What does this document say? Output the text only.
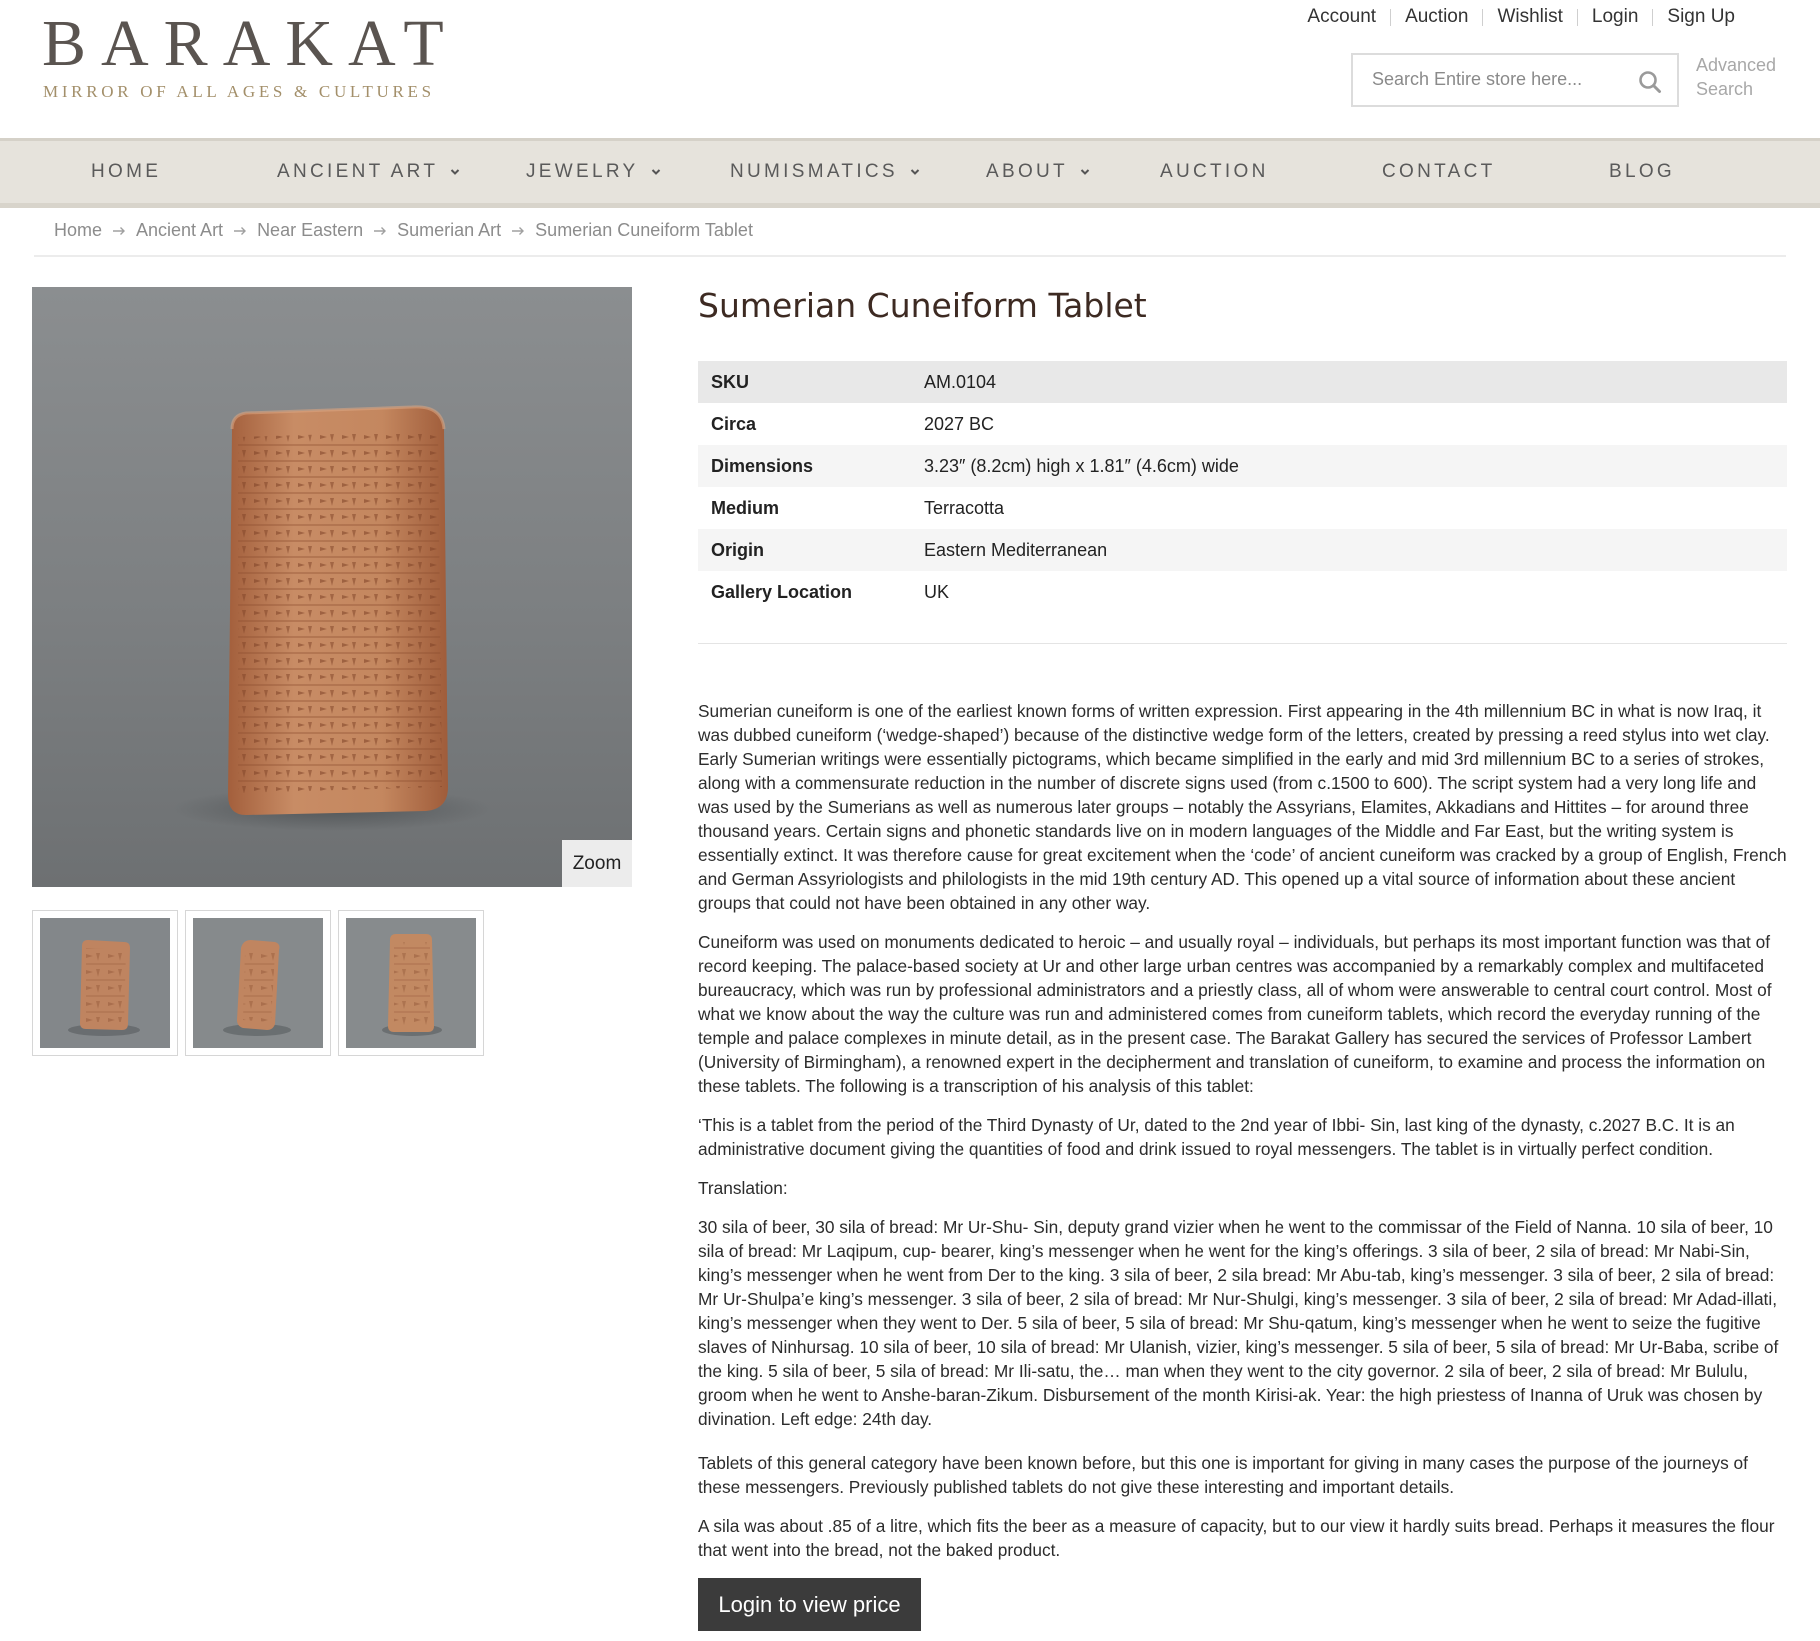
BARAKAT
MIRROR OF ALL AGES & CULTURES
Account	Auction	Wishlist	Login	Sign Up
Search Entire store here...
Advanced Search
HOME	ANCIENT ART	JEWELRY	NUMISMATICS	ABOUT	AUCTION	CONTACT	BLOG
Home Ancient Art Near Eastern Sumerian Art Sumerian Cuneiform Tablet
Zoom
Sumerian Cuneiform Tablet
SKU	AM.0104
Circa	2027 BC
Dimensions	3.23″ (8.2cm) high x 1.81″ (4.6cm) wide
Medium	Terracotta
Origin	Eastern Mediterranean
Gallery Location	UK

Sumerian cuneiform is one of the earliest known forms of written expression. First appearing in the 4th millennium BC in what is now Iraq, it was dubbed cuneiform (‘wedge-shaped’) because of the distinctive wedge form of the letters, created by pressing a reed stylus into wet clay. Early Sumerian writings were essentially pictograms, which became simplified in the early and mid 3rd millennium BC to a series of strokes, along with a commensurate reduction in the number of discrete signs used (from c.1500 to 600). The script system had a very long life and was used by the Sumerians as well as numerous later groups – notably the Assyrians, Elamites, Akkadians and Hittites – for around three thousand years. Certain signs and phonetic standards live on in modern languages of the Middle and Far East, but the writing system is essentially extinct. It was therefore cause for great excitement when the ‘code’ of ancient cuneiform was cracked by a group of English, French and German Assyriologists and philologists in the mid 19th century AD. This opened up a vital source of information about these ancient groups that could not have been obtained in any other way.

Cuneiform was used on monuments dedicated to heroic – and usually royal – individuals, but perhaps its most important function was that of record keeping. The palace-based society at Ur and other large urban centres was accompanied by a remarkably complex and multifaceted bureaucracy, which was run by professional administrators and a priestly class, all of whom were answerable to central court control. Most of what we know about the way the culture was run and administered comes from cuneiform tablets, which record the everyday running of the temple and palace complexes in minute detail, as in the present case. The Barakat Gallery has secured the services of Professor Lambert (University of Birmingham), a renowned expert in the decipherment and translation of cuneiform, to examine and process the information on these tablets. The following is a transcription of his analysis of this tablet:

‘This is a tablet from the period of the Third Dynasty of Ur, dated to the 2nd year of Ibbi- Sin, last king of the dynasty, c.2027 B.C. It is an administrative document giving the quantities of food and drink issued to royal messengers. The tablet is in virtually perfect condition.

Translation:

30 sila of beer, 30 sila of bread: Mr Ur-Shu- Sin, deputy grand vizier when he went to the commissar of the Field of Nanna. 10 sila of beer, 10 sila of bread: Mr Laqipum, cup- bearer, king’s messenger when he went for the king’s offerings. 3 sila of beer, 2 sila of bread: Mr Nabi-Sin, king’s messenger when he went from Der to the king. 3 sila of beer, 2 sila bread: Mr Abu-tab, king’s messenger. 3 sila of beer, 2 sila of bread: Mr Ur-Shulpa’e king’s messenger. 3 sila of beer, 2 sila of bread: Mr Nur-Shulgi, king’s messenger. 3 sila of beer, 2 sila of bread: Mr Adad-illati, king’s messenger when they went to Der. 5 sila of beer, 5 sila of bread: Mr Shu-qatum, king’s messenger when he went to seize the fugitive slaves of Ninhursag. 10 sila of beer, 10 sila of bread: Mr Ulanish, vizier, king’s messenger. 5 sila of beer, 5 sila of bread: Mr Ur-Baba, scribe of the king. 5 sila of beer, 5 sila of bread: Mr Ili-satu, the… man when they went to the city governor. 2 sila of beer, 2 sila of bread: Mr Bululu, groom when he went to Anshe-baran-Zikum. Disbursement of the month Kirisi-ak. Year: the high priestess of Inanna of Uruk was chosen by divination. Left edge: 24th day.

Tablets of this general category have been known before, but this one is important for giving in many cases the purpose of the journeys of these messengers. Previously published tablets do not give these interesting and important details.

A sila was about .85 of a litre, which fits the beer as a measure of capacity, but to our view it hardly suits bread. Perhaps it measures the flour that went into the bread, not the baked product.

Login to view price
